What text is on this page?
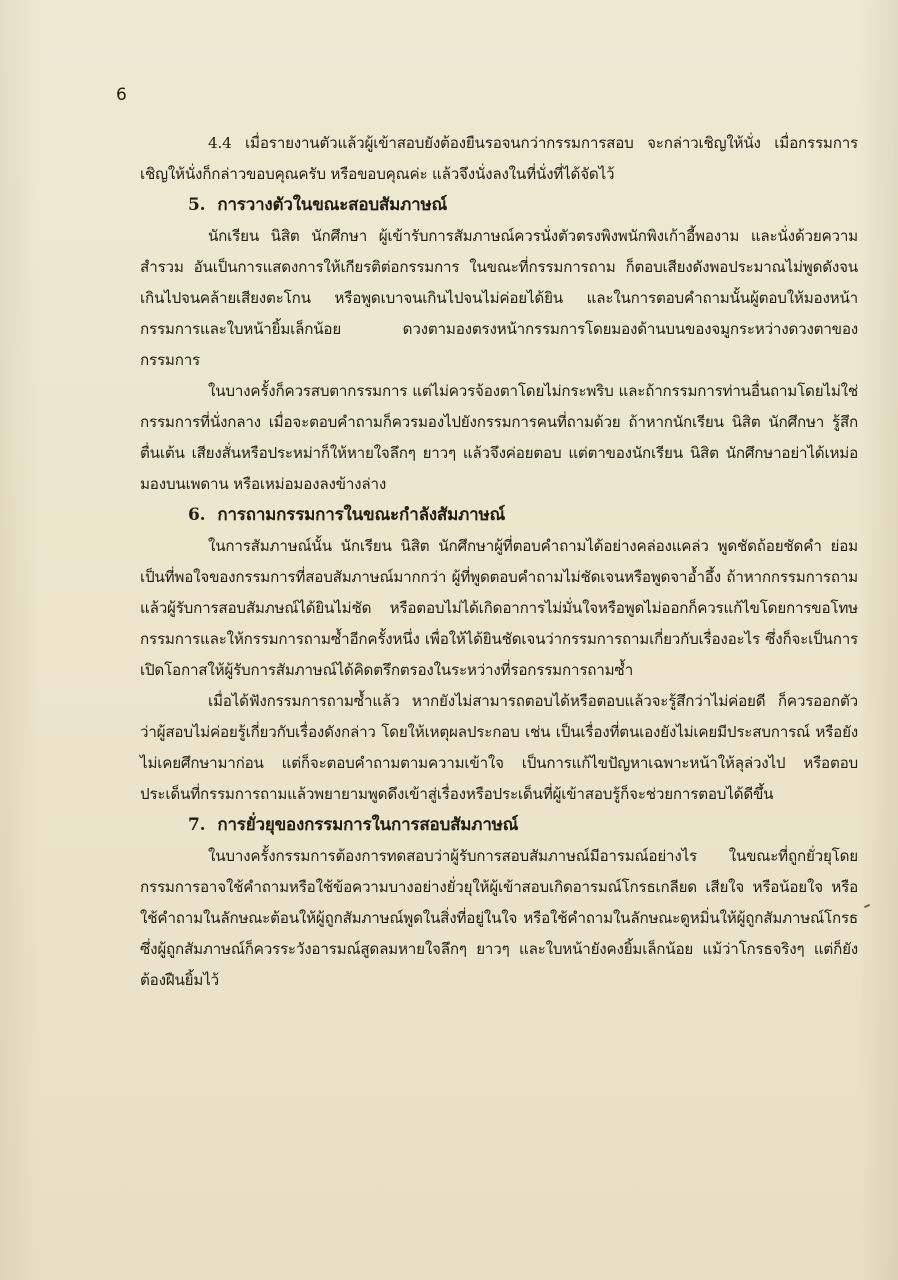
6

4.4 เมื่อรายงานตัวแล้วผู้เข้าสอบยังต้องยืนรอจนกว่ากรรมการสอบ จะกล่าวเชิญให้นั่ง เมื่อกรรมการเชิญให้นั่งก็กล่าวขอบคุณครับ หรือขอบคุณค่ะ แล้วจึงนั่งลงในที่นั่งที่ได้จัดไว้

5. การวางตัวในขณะสอบสัมภาษณ์

นักเรียน นิสิต นักศึกษา ผู้เข้ารับการสัมภาษณ์ควรนั่งตัวตรงพิงพนักพิงเก้าอี้พองาม และนั่งด้วยความสำรวม อันเป็นการแสดงการให้เกียรติต่อกรรมการ ในขณะที่กรรมการถาม ก็ตอบเสียงดังพอประมาณไม่พูดดังจนเกินไปจนคล้ายเสียงตะโกน หรือพูดเบาจนเกินไปจนไม่ค่อยได้ยิน และในการตอบคำถามนั้นผู้ตอบให้มองหน้ากรรมการและใบหน้ายิ้มเล็กน้อย ดวงตามองตรงหน้ากรรมการโดยมองด้านบนของจมูกระหว่างดวงตาของกรรมการ

ในบางครั้งก็ควรสบตากรรมการ แต่ไม่ควรจ้องตาโดยไม่กระพริบ และถ้ากรรมการท่านอื่นถามโดยไม่ใช่กรรมการที่นั่งกลาง เมื่อจะตอบคำถามก็ควรมองไปยังกรรมการคนที่ถามด้วย ถ้าหากนักเรียน นิสิต นักศึกษา รู้สึกตื่นเต้น เสียงสั่นหรือประหม่าก็ให้หายใจลึกๆ ยาวๆ แล้วจึงค่อยตอบ แต่ตาของนักเรียน นิสิต นักศึกษาอย่าได้เหม่อมองบนเพดาน หรือเหม่อมองลงข้างล่าง

6. การถามกรรมการในขณะกำลังสัมภาษณ์

ในการสัมภาษณ์นั้น นักเรียน นิสิต นักศึกษาผู้ที่ตอบคำถามได้อย่างคล่องแคล่ว พูดชัดถ้อยชัดคำ ย่อมเป็นที่พอใจของกรรมการที่สอบสัมภาษณ์มากกว่า ผู้ที่พูดตอบคำถามไม่ชัดเจนหรือพูดจาอ้ำอึ้ง ถ้าหากกรรมการถามแล้วผู้รับการสอบสัมภษณ์ได้ยินไม่ชัด หรือตอบไม่ได้เกิดอาการไม่มั่นใจหรือพูดไม่ออกก็ควรแก้ไขโดยการขอโทษกรรมการและให้กรรมการถามซ้ำอีกครั้งหนึ่ง เพื่อให้ได้ยินชัดเจนว่ากรรมการถามเกี่ยวกับเรื่องอะไร ซึ่งก็จะเป็นการเปิดโอกาสให้ผู้รับการสัมภาษณ์ได้คิดตรึกตรองในระหว่างที่รอกรรมการถามซ้ำ

เมื่อได้ฟังกรรมการถามซ้ำแล้ว หากยังไม่สามารถตอบได้หรือตอบแล้วจะรู้สึกว่าไม่ค่อยดี ก็ควรออกตัวว่าผู้สอบไม่ค่อยรู้เกี่ยวกับเรื่องดังกล่าว โดยให้เหตุผลประกอบ เช่น เป็นเรื่องที่ตนเองยังไม่เคยมีประสบการณ์ หรือยังไม่เคยศึกษามาก่อน แต่ก็จะตอบคำถามตามความเข้าใจ เป็นการแก้ไขปัญหาเฉพาะหน้าให้ลุล่วงไป หรือตอบประเด็นที่กรรมการถามแล้วพยายามพูดดึงเข้าสู่เรื่องหรือประเด็นที่ผู้เข้าสอบรู้ก็จะช่วยการตอบได้ดีขึ้น

7. การยั่วยุของกรรมการในการสอบสัมภาษณ์

ในบางครั้งกรรมการต้องการทดสอบว่าผู้รับการสอบสัมภาษณ์มีอารมณ์อย่างไร ในขณะที่ถูกยั่วยุโดยกรรมการอาจใช้คำถามหรือใช้ข้อความบางอย่างยั่วยุให้ผู้เข้าสอบเกิดอารมณ์โกรธเกลียด เสียใจ หรือน้อยใจ หรือใช้คำถามในลักษณะต้อนให้ผู้ถูกสัมภาษณ์พูดในสิ่งที่อยู่ในใจ หรือใช้คำถามในลักษณะดูหมิ่นให้ผู้ถูกสัมภาษณ์โกรธ ซึ่งผู้ถูกสัมภาษณ์ก็ควรระวังอารมณ์สูดลมหายใจลึกๆ ยาวๆ และใบหน้ายังคงยิ้มเล็กน้อย แม้ว่าโกรธจริงๆ แต่ก็ยังต้องฝืนยิ้มไว้
